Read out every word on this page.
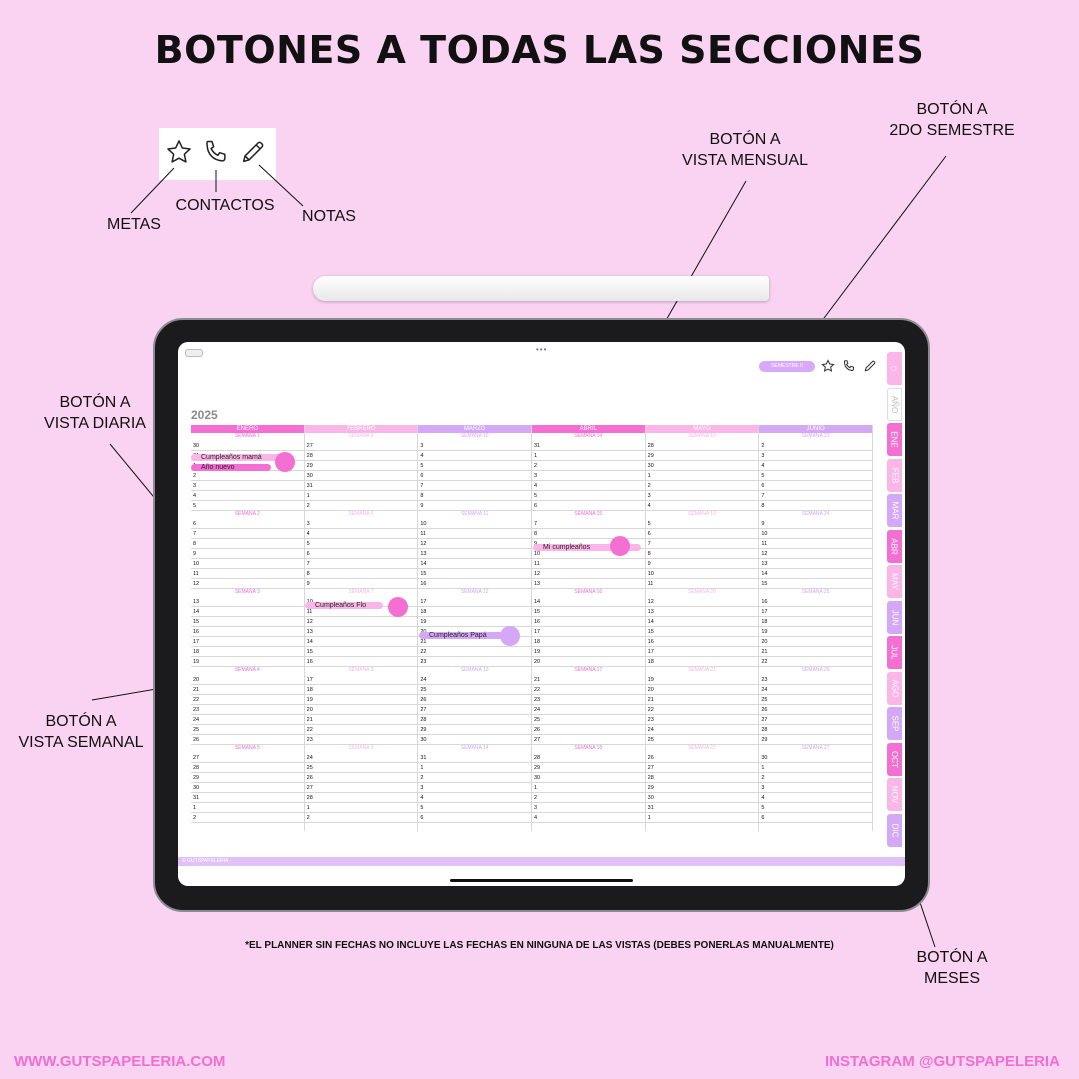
BOTONES A TODAS LAS SECCIONES
METAS
CONTACTOS
NOTAS
BOTÓN A
VISTA MENSUAL
BOTÓN A
2DO SEMESTRE
BOTÓN A
VISTA DIARIA
BOTÓN A
VISTA SEMANAL
BOTÓN A
MESES
•••
SEMESTRE II
2025
ENERO
SEMANA 1
30
2
3
4
5
SEMANA 2
6
7
8
9
10
11
12
SEMANA 3
13
14
15
16
17
18
19
SEMANA 4
20
21
22
23
24
25
26
SEMANA 5
27
28
29
30
31
1
2
FEBRERO
SEMANA 5
27
28
29
30
31
1
2
SEMANA 6
3
4
5
6
7
8
9
SEMANA 7
11
12
13
14
15
16
SEMANA 8
17
18
19
20
21
22
23
SEMANA 9
24
25
26
27
28
1
2
MARZO
SEMANA 10
3
4
5
6
7
8
9
SEMANA 11
10
11
12
13
14
15
16
SEMANA 12
17
18
19
21
22
23
SEMANA 13
24
25
26
27
28
29
30
SEMANA 14
31
1
2
3
4
5
6
ABRIL
SEMANA 14
31
1
2
3
4
5
6
SEMANA 15
7
8
10
11
12
13
SEMANA 16
14
15
16
17
18
19
20
SEMANA 17
21
22
23
24
25
26
27
SEMANA 18
28
29
30
1
2
3
4
MAYO
SEMANA 18
28
29
30
1
2
3
4
SEMANA 19
5
6
7
8
9
10
11
SEMANA 20
12
13
14
15
16
17
18
SEMANA 21
19
20
21
22
23
24
25
SEMANA 22
26
27
28
29
30
31
1
JUNIO
SEMANA 23
2
3
4
5
6
7
8
SEMANA 24
9
10
11
12
13
14
15
SEMANA 25
16
17
18
19
20
21
22
SEMANA 26
23
24
25
26
27
28
29
SEMANA 27
30
1
2
3
4
5
6
Cumpleaños mamá
Año nuevo
Mi cumpleaños
Cumpleaños Flo
Cumpleaños Papá
⌂
AÑO
ENE
FEB
MAR
ABR
MAY
JUN
JUL
AGO
SEP
OCT
NOV
DIC
© GUTSPAPELERIA
*EL PLANNER SIN FECHAS NO INCLUYE LAS FECHAS EN NINGUNA DE LAS VISTAS (DEBES PONERLAS MANUALMENTE)
WWW.GUTSPAPELERIA.COM	INSTAGRAM @GUTSPAPELERIA
